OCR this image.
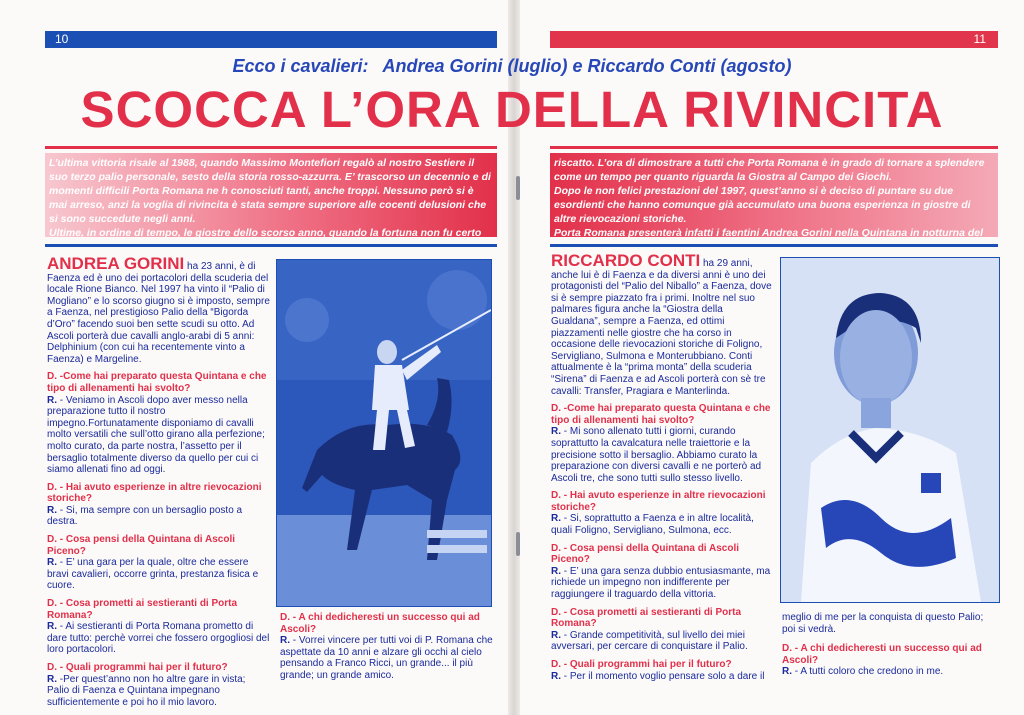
10	11
Ecco i cavalieri: Andrea Gorini (luglio) e Riccardo Conti (agosto)
SCOCCA L’ORA DELLA RIVINCITA

L’ultima vittoria risale al 1988, quando Massimo Montefiori regalò al nostro Sestiere il suo terzo palio personale, sesto della storia rosso-azzurra. E’ trascorso un decennio e di momenti difficili Porta Romana ne h conosciuti tanti, anche troppi. Nessuno però si è mai arreso, anzi la voglia di rivincita è stata sempre superiore alle cocenti delusioni che si sono succedute negli anni.

Ultime, in ordine di tempo, le giostre dello scorso anno, quando la fortuna non fu certo

riscatto. L’ora di dimostrare a tutti che Porta Romana è in grado di tornare a splendere come un tempo per quanto riguarda la Giostra al Campo dei Giochi.

Dopo le non felici prestazioni del 1997, quest’anno si è deciso di puntare su due esordienti che hanno comunque già accumulato una buona esperienza in giostre di altre rievocazioni storiche.

Porta Romana presenterà infatti i faentini Andrea Gorini nella Quintana in notturna del

ANDREA GORINI ha 23 anni, è di Faenza ed è uno dei portacolori della scuderia del locale Rione Bianco. Nel 1997 ha vinto il “Palio di Mogliano” e lo scorso giugno si è imposto, sempre a Faenza, nel prestigioso Palio della “Bigorda d’Oro” facendo suoi ben sette scudi su otto. Ad Ascoli porterà due cavalli anglo-arabi di 5 anni: Delphinium (con cui ha recentemente vinto a Faenza) e Margeline.

D. -Come hai preparato questa Quintana e che tipo di allenamenti hai svolto?

R. - Veniamo in Ascoli dopo aver messo nella preparazione tutto il nostro impegno.Fortunatamente disponiamo di cavalli molto versatili che sull’otto girano alla perfezione; molto curato, da parte nostra, l’assetto per il bersaglio totalmente diverso da quello per cui ci siamo allenati fino ad oggi.

D. - Hai avuto esperienze in altre rievocazioni storiche?

R. - Si, ma sempre con un bersaglio posto a destra.

D. - Cosa pensi della Quintana di Ascoli Piceno?

R. - E’ una gara per la quale, oltre che essere bravi cavalieri, occorre grinta, prestanza fisica e cuore.

D. - Cosa prometti ai sestieranti di Porta Romana?

R. - Ai sestieranti di Porta Romana prometto di dare tutto: perchè vorrei che fossero orgogliosi del loro portacolori.

D. - Quali programmi hai per il futuro?

R. -Per quest’anno non ho altre gare in vista; Palio di Faenza e Quintana impegnano sufficientemente e poi ho il mio lavoro.

D. - A chi dedicheresti un successo qui ad Ascoli?

R. - Vorrei vincere per tutti voi di P. Romana che aspettate da 10 anni e alzare gli occhi al cielo pensando a Franco Ricci, un grande... il più grande; un grande amico.

RICCARDO CONTI ha 29 anni, anche lui è di Faenza e da diversi anni è uno dei protagonisti del “Palio del Niballo” a Faenza, dove si è sempre piazzato fra i primi. Inoltre nel suo palmares figura anche la “Giostra della Gualdana”, sempre a Faenza, ed ottimi piazzamenti nelle giostre che ha corso in occasione delle rievocazioni storiche di Foligno, Servigliano, Sulmona e Monterubbiano. Conti attualmente è la “prima monta” della scuderia “Sirena” di Faenza e ad Ascoli porterà con sè tre cavalli: Transfer, Pragiara e Manterlinda.

D. -Come hai preparato questa Quintana e che tipo di allenamenti hai svolto?

R. - Mi sono allenato tutti i giorni, curando soprattutto la cavalcatura nelle traiettorie e la precisione sotto il bersaglio. Abbiamo curato la preparazione con diversi cavalli e ne porterò ad Ascoli tre, che sono tutti sullo stesso livello.

D. - Hai avuto esperienze in altre rievocazioni storiche?

R. - Si, soprattutto a Faenza e in altre località, quali Foligno, Servigliano, Sulmona, ecc.

D. - Cosa pensi della Quintana di Ascoli Piceno?

R. - E’ una gara senza dubbio entusiasmante, ma richiede un impegno non indifferente per raggiungere il traguardo della vittoria.

D. - Cosa prometti ai sestieranti di Porta Romana?

R. - Grande competitività, sul livello dei miei avversari, per cercare di conquistare il Palio.

D. - Quali programmi hai per il futuro?

R. - Per il momento voglio pensare solo a dare il

meglio di me per la conquista di questo Palio; poi si vedrà.

D. - A chi dedicheresti un successo qui ad Ascoli?

R. - A tutti coloro che credono in me.
